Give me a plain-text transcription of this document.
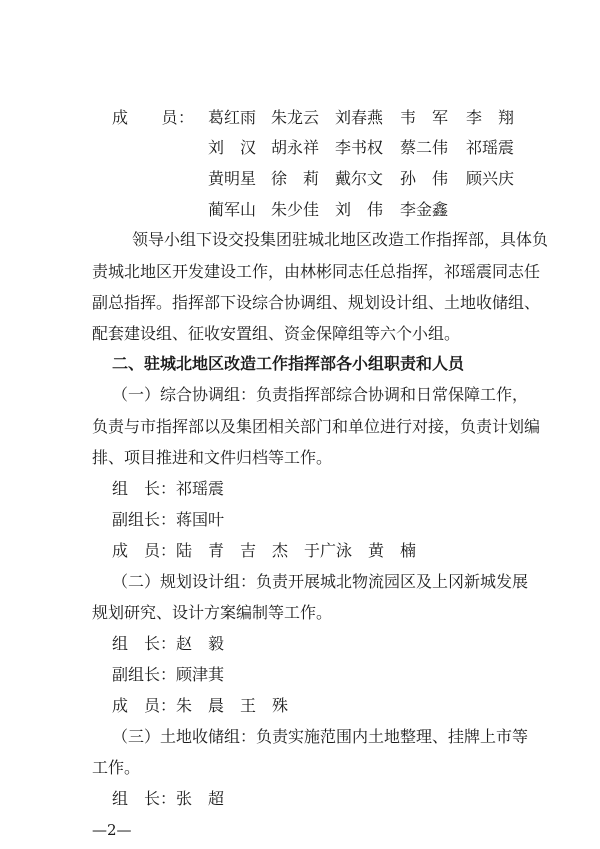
成　　员： 葛红雨 朱龙云 刘春燕 韦　军 李　翔
刘　汉 胡永祥 李书权 蔡二伟 祁瑶震
黄明星 徐　莉 戴尔文 孙　伟 顾兴庆
蔺军山 朱少佳 刘　伟 李金鑫
领导小组下设交投集团驻城北地区改造工作指挥部，具体负
责城北地区开发建设工作，由林彬同志任总指挥，祁瑶震同志任
副总指挥。指挥部下设综合协调组、规划设计组、土地收储组、
配套建设组、征收安置组、资金保障组等六个小组。
二、驻城北地区改造工作指挥部各小组职责和人员
（一）综合协调组：负责指挥部综合协调和日常保障工作，
负责与市指挥部以及集团相关部门和单位进行对接，负责计划编
排、项目推进和文件归档等工作。
组　长：祁瑶震
副组长：蒋国叶
成　员：陆　青　吉　杰　于广泳　黄　楠
（二）规划设计组：负责开展城北物流园区及上冈新城发展
规划研究、设计方案编制等工作。
组　长：赵　毅
副组长：顾津萁
成　员：朱　晨　王　殊
（三）土地收储组：负责实施范围内土地整理、挂牌上市等
工作。
组　长：张　超
—2—
